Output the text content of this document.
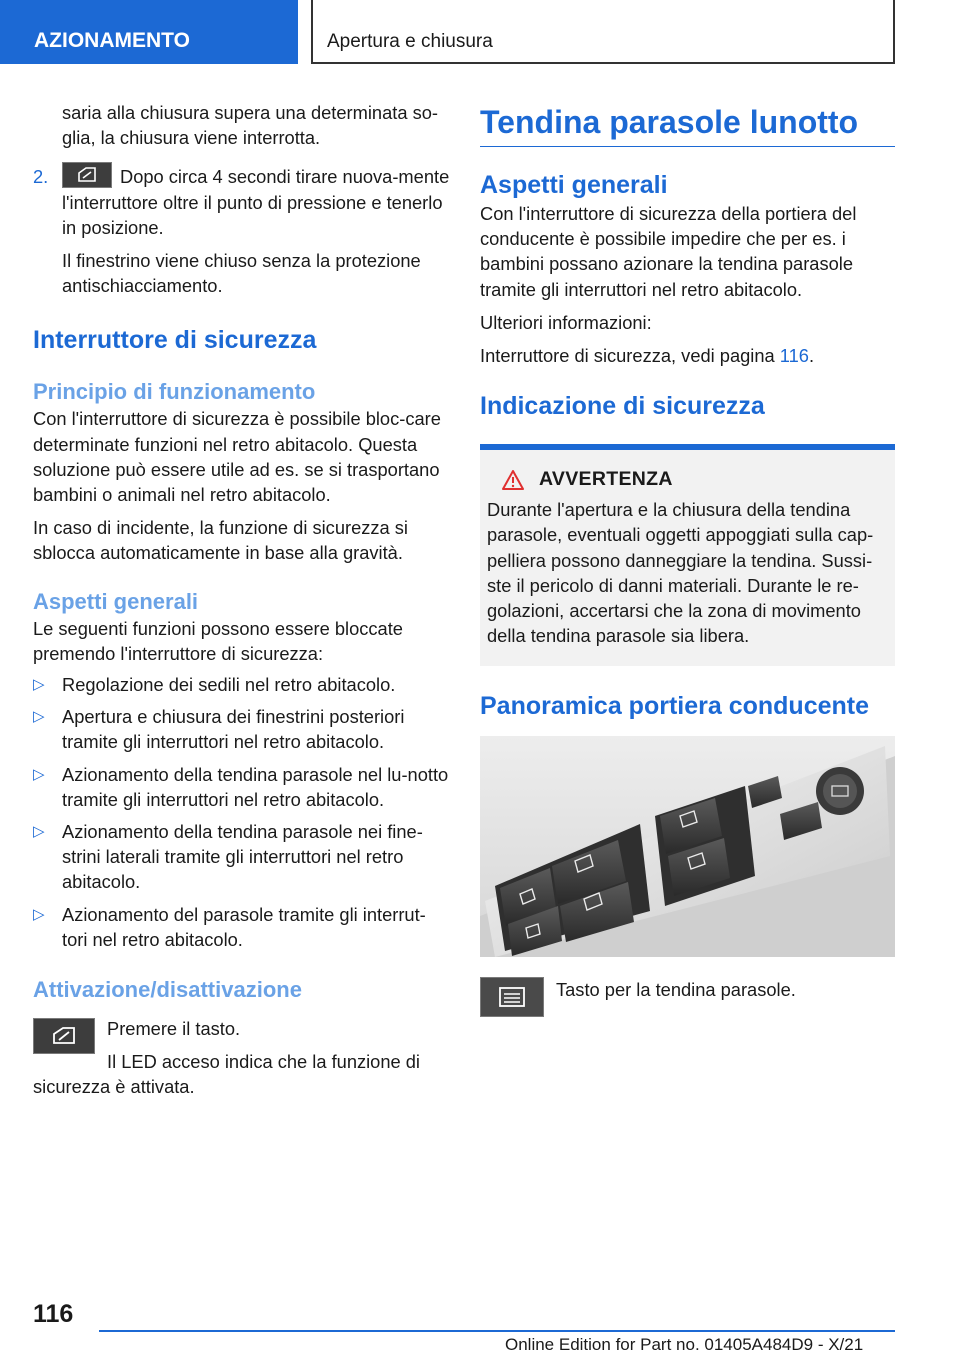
AZIONAMENTO	Apertura e chiusura

saria alla chiusura supera una determinata so-glia, la chiusura viene interrotta.

2.	Dopo circa 4 secondi tirare nuova-mente l'interruttore oltre il punto di pressione e tenerlo in posizione.

Il finestrino viene chiuso senza la protezione antischiacciamento.

Interruttore di sicurezza
Principio di funzionamento

Con l'interruttore di sicurezza è possibile bloc-care determinate funzioni nel retro abitacolo. Questa soluzione può essere utile ad es. se si trasportano bambini o animali nel retro abitacolo.

In caso di incidente, la funzione di sicurezza si sblocca automaticamente in base alla gravità.

Aspetti generali

Le seguenti funzioni possono essere bloccate premendo l'interruttore di sicurezza:

▷ Regolazione dei sedili nel retro abitacolo.
▷ Apertura e chiusura dei finestrini posteriori tramite gli interruttori nel retro abitacolo.
▷ Azionamento della tendina parasole nel lu-notto tramite gli interruttori nel retro abitacolo.
▷ Azionamento della tendina parasole nei fine-strini laterali tramite gli interruttori nel retro abitacolo.
▷ Azionamento del parasole tramite gli interrut-tori nel retro abitacolo.
Attivazione/disattivazione

Premere il tasto.

Il LED acceso indica che la funzione di sicurezza è attivata.

Tendina parasole lunotto
Aspetti generali

Con l'interruttore di sicurezza della portiera del conducente è possibile impedire che per es. i bambini possano azionare la tendina parasole tramite gli interruttori nel retro abitacolo.

Ulteriori informazioni:

Interruttore di sicurezza, vedi pagina 116.

Indicazione di sicurezza
AVVERTENZA

Durante l'apertura e la chiusura della tendina parasole, eventuali oggetti appoggiati sulla cap-pelliera possono danneggiare la tendina. Sussi-ste il pericolo di danni materiali. Durante le re-golazioni, accertarsi che la zona di movimento della tendina parasole sia libera.

Panoramica portiera conducente

Tasto per la tendina parasole.

116
Online Edition for Part no. 01405A484D9 - X/21
